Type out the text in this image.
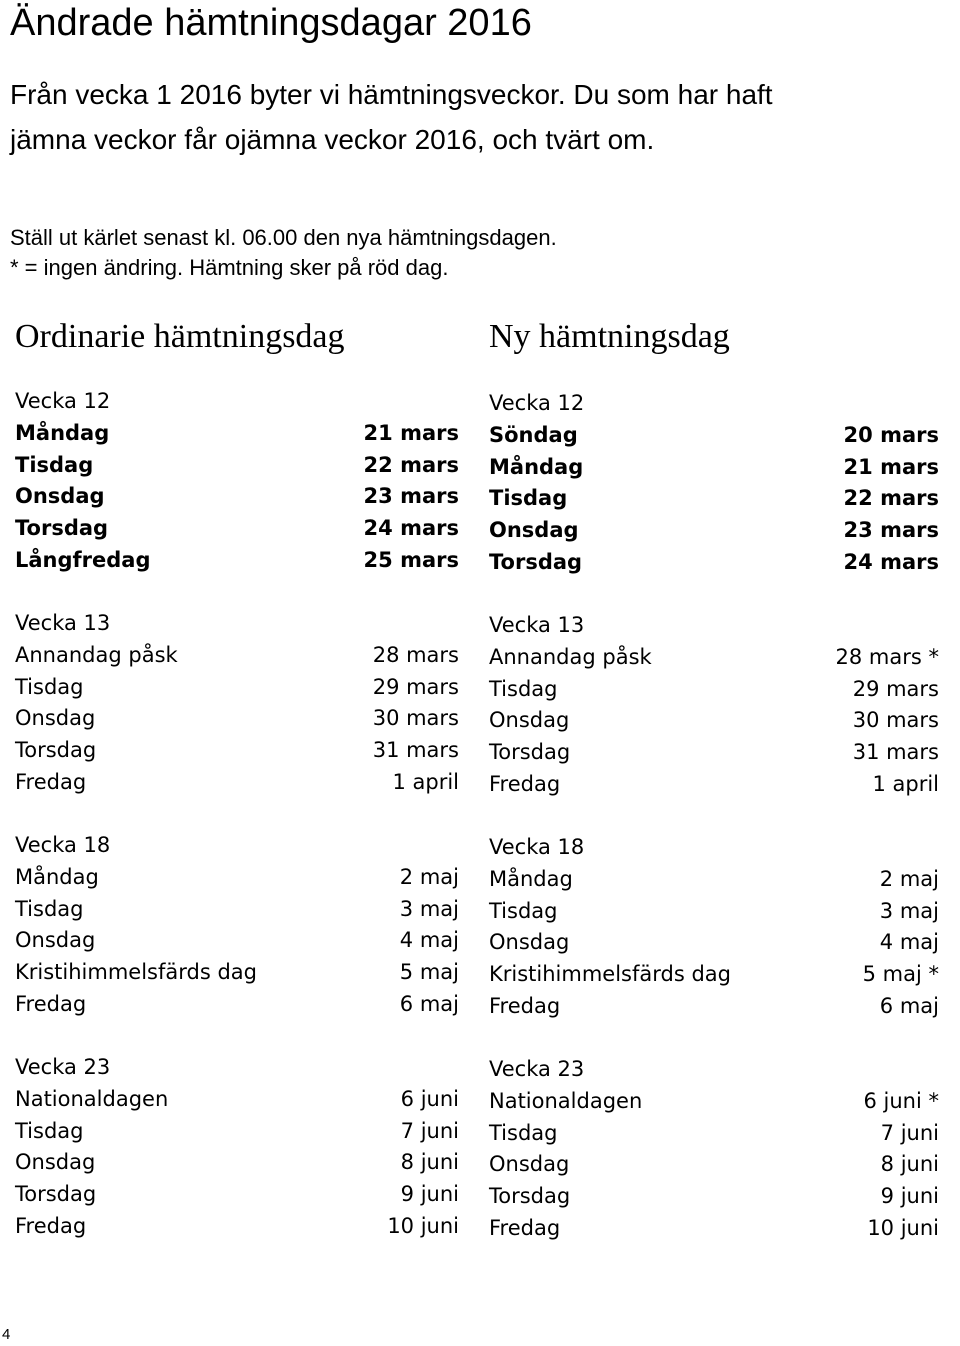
Ändrade hämtningsdagar 2016
Från vecka 1 2016 byter vi hämtningsveckor. Du som har haft
jämna veckor får ojämna veckor 2016, och tvärt om.
Ställ ut kärlet senast kl. 06.00 den nya hämtningsdagen.
* = ingen ändring. Hämtning sker på röd dag.
Ordinarie hämtningsdag
Vecka 12
Måndag	21 mars
Tisdag	22 mars
Onsdag	23 mars
Torsdag	24 mars
Långfredag	25 mars
Vecka 13
Annandag påsk	28 mars
Tisdag	29 mars
Onsdag	30 mars
Torsdag	31 mars
Fredag	1 april
Vecka 18
Måndag	2 maj
Tisdag	3 maj
Onsdag	4 maj
Kristihimmelsfärds dag	5 maj
Fredag	6 maj
Vecka 23
Nationaldagen	6 juni
Tisdag	7 juni
Onsdag	8 juni
Torsdag	9 juni
Fredag	10 juni
Ny hämtningsdag
Vecka 12
Söndag	20 mars
Måndag	21 mars
Tisdag	22 mars
Onsdag	23 mars
Torsdag	24 mars
Vecka 13
Annandag påsk	28 mars *
Tisdag	29 mars
Onsdag	30 mars
Torsdag	31 mars
Fredag	1 april
Vecka 18
Måndag	2 maj
Tisdag	3 maj
Onsdag	4 maj
Kristihimmelsfärds dag	5 maj *
Fredag	6 maj
Vecka 23
Nationaldagen	6 juni *
Tisdag	7 juni
Onsdag	8 juni
Torsdag	9 juni
Fredag	10 juni
4
